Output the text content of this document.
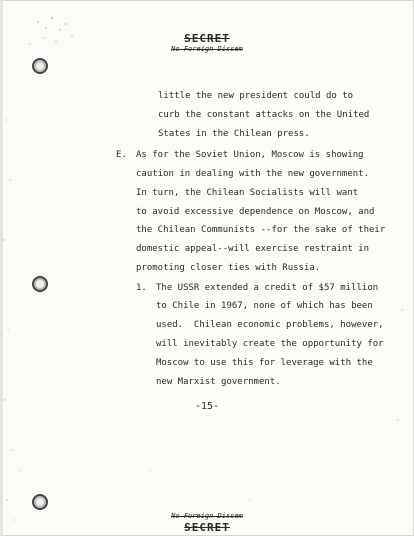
SECRET
No Foreign Dissem
little the new president could do to
curb the constant attacks on the United
States in the Chilean press.
E. As for the Soviet Union, Moscow is showing
caution in dealing with the new government.
In turn, the Chilean Socialists will want
to avoid excessive dependence on Moscow, and
the Chilean Communists --for the sake of their
domestic appeal--will exercise restraint in
promoting closer ties with Russia.
1. The USSR extended a credit of $57 million
to Chile in 1967, none of which has been
used.  Chilean economic problems, however,
will inevitably create the opportunity for
Moscow to use this for leverage with the
new Marxist government.
-15-
No Foreign Dissem
SECRET
